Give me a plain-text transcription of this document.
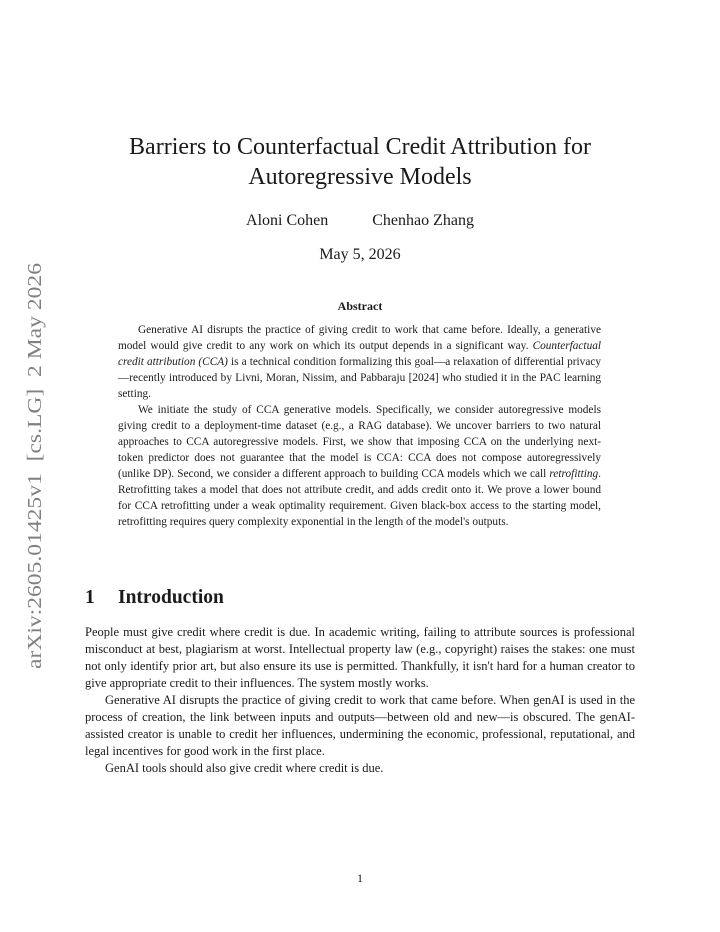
arXiv:2605.01425v1  [cs.LG]  2 May 2026
Barriers to Counterfactual Credit Attribution for
Autoregressive Models
Aloni Cohen	Chenhao Zhang
May 5, 2026
Abstract

Generative AI disrupts the practice of giving credit to work that came before. Ideally, a generative model would give credit to any work on which its output depends in a significant way. Counterfactual credit attribution (CCA) is a technical condition formalizing this goal—a relaxation of differential privacy—recently introduced by Livni, Moran, Nissim, and Pabbaraju [2024] who studied it in the PAC learning setting.

We initiate the study of CCA generative models. Specifically, we consider autoregressive models giving credit to a deployment-time dataset (e.g., a RAG database). We uncover barriers to two natural approaches to CCA autoregressive models. First, we show that imposing CCA on the underlying next-token predictor does not guarantee that the model is CCA: CCA does not compose autoregressively (unlike DP). Second, we consider a different approach to building CCA models which we call retrofitting. Retrofitting takes a model that does not attribute credit, and adds credit onto it. We prove a lower bound for CCA retrofitting under a weak optimality requirement. Given black-box access to the starting model, retrofitting requires query complexity exponential in the length of the model's outputs.

1 Introduction

People must give credit where credit is due. In academic writing, failing to attribute sources is professional misconduct at best, plagiarism at worst. Intellectual property law (e.g., copyright) raises the stakes: one must not only identify prior art, but also ensure its use is permitted. Thankfully, it isn't hard for a human creator to give appropriate credit to their influences. The system mostly works.

Generative AI disrupts the practice of giving credit to work that came before. When genAI is used in the process of creation, the link between inputs and outputs—between old and new—is obscured. The genAI-assisted creator is unable to credit her influences, undermining the economic, professional, reputational, and legal incentives for good work in the first place.

GenAI tools should also give credit where credit is due.

1
